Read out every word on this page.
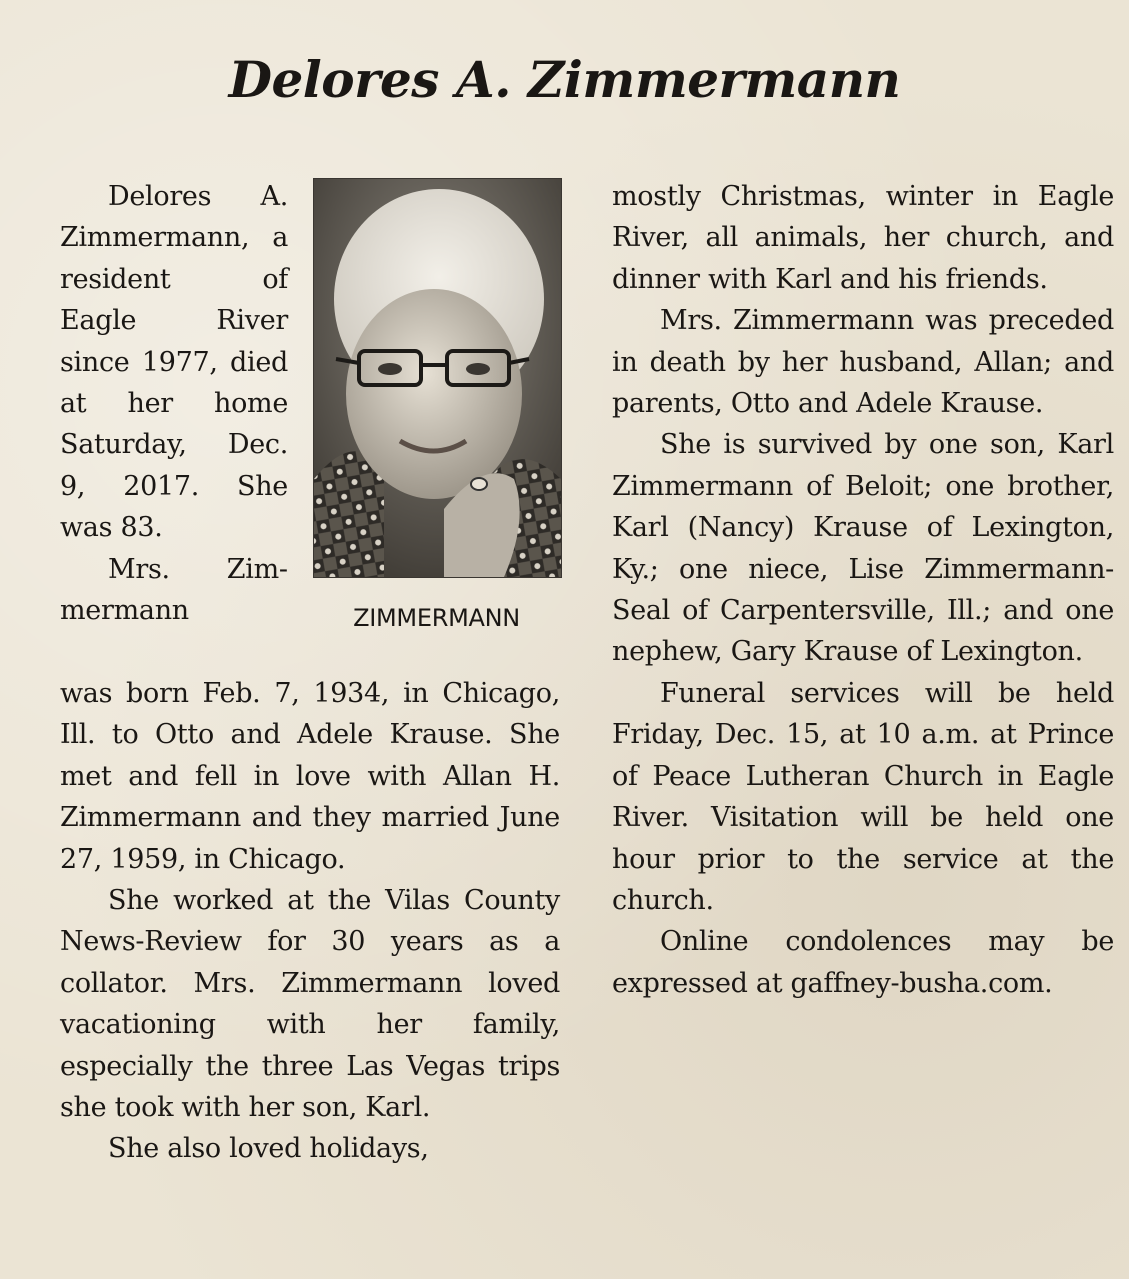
Delores A. Zimmermann

Delores A. Zimmermann, a resident of Eagle River since 1977, died at her home Saturday, Dec. 9, 2017. She was 83.

Mrs. Zimmermann	ZIMMERMANN

was born Feb. 7, 1934, in Chicago, Ill. to Otto and Adele Krause. She met and fell in love with Allan H. Zimmermann and they married June 27, 1959, in Chicago.

She worked at the Vilas County News-Review for 30 years as a collator. Mrs. Zimmermann loved vacationing with her family, especially the three Las Vegas trips she took with her son, Karl.

She also loved holidays,

mostly Christmas, winter in Eagle River, all animals, her church, and dinner with Karl and his friends.

Mrs. Zimmermann was preceded in death by her husband, Allan; and parents, Otto and Adele Krause.

She is survived by one son, Karl Zimmermann of Beloit; one brother, Karl (Nancy) Krause of Lexington, Ky.; one niece, Lise Zimmermann-Seal of Carpentersville, Ill.; and one nephew, Gary Krause of Lexington.

Funeral services will be held Friday, Dec. 15, at 10 a.m. at Prince of Peace Lutheran Church in Eagle River. Visitation will be held one hour prior to the service at the church.

Online condolences may be expressed at gaffney-busha.com.
